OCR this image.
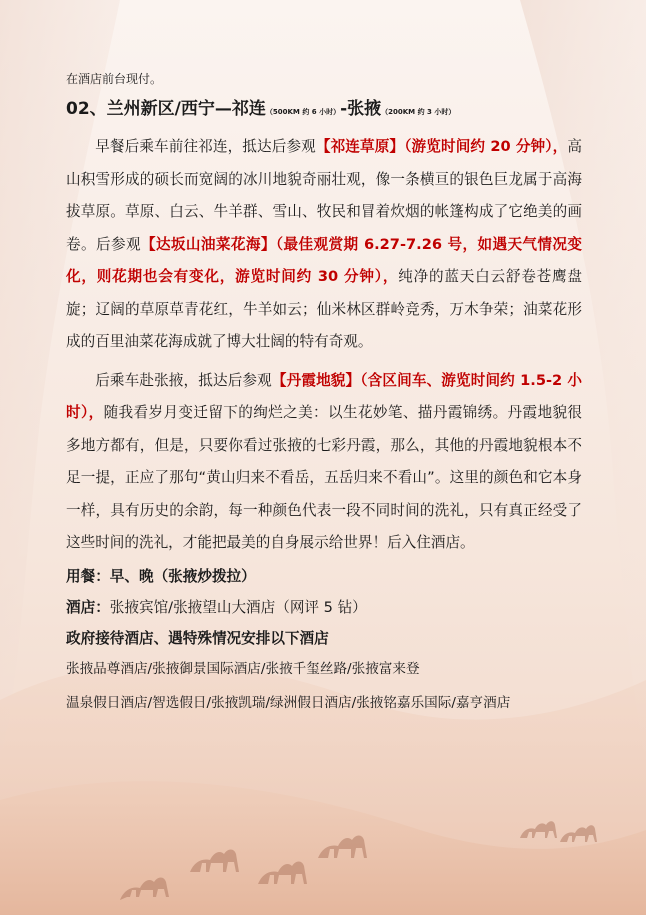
在酒店前台现付。

02、兰州新区/西宁—祁连（500KM 约 6 小时）-张掖（200KM 约 3 小时）

早餐后乘车前往祁连，抵达后参观【祁连草原】（游览时间约 20 分钟），高山积雪形成的硕长而宽阔的冰川地貌奇丽壮观，像一条横亘的银色巨龙属于高海拔草原。草原、白云、牛羊群、雪山、牧民和冒着炊烟的帐篷构成了它绝美的画卷。后参观【达坂山油菜花海】（最佳观赏期 6.27-7.26 号，如遇天气情况变化，则花期也会有变化，游览时间约 30 分钟），纯净的蓝天白云舒卷苍鹰盘旋；辽阔的草原草青花红，牛羊如云；仙米林区群岭竞秀，万木争荣；油菜花形成的百里油菜花海成就了博大壮阔的特有奇观。

后乘车赴张掖，抵达后参观【丹霞地貌】（含区间车、游览时间约 1.5-2 小时），随我看岁月变迁留下的绚烂之美：以生花妙笔、描丹霞锦绣。丹霞地貌很多地方都有，但是，只要你看过张掖的七彩丹霞，那么，其他的丹霞地貌根本不足一提，正应了那句“黄山归来不看岳，五岳归来不看山”。这里的颜色和它本身一样，具有历史的余韵，每一种颜色代表一段不同时间的洗礼，只有真正经受了这些时间的洗礼，才能把最美的自身展示给世界！后入住酒店。

用餐：早、晚（张掖炒拨拉）

酒店：张掖宾馆/张掖望山大酒店（网评 5 钻）

政府接待酒店、遇特殊情况安排以下酒店

张掖品尊酒店/张掖御景国际酒店/张掖千玺丝路/张掖富来登

温泉假日酒店/智选假日/张掖凯瑞/绿洲假日酒店/张掖铭嘉乐国际/嘉亨酒店
